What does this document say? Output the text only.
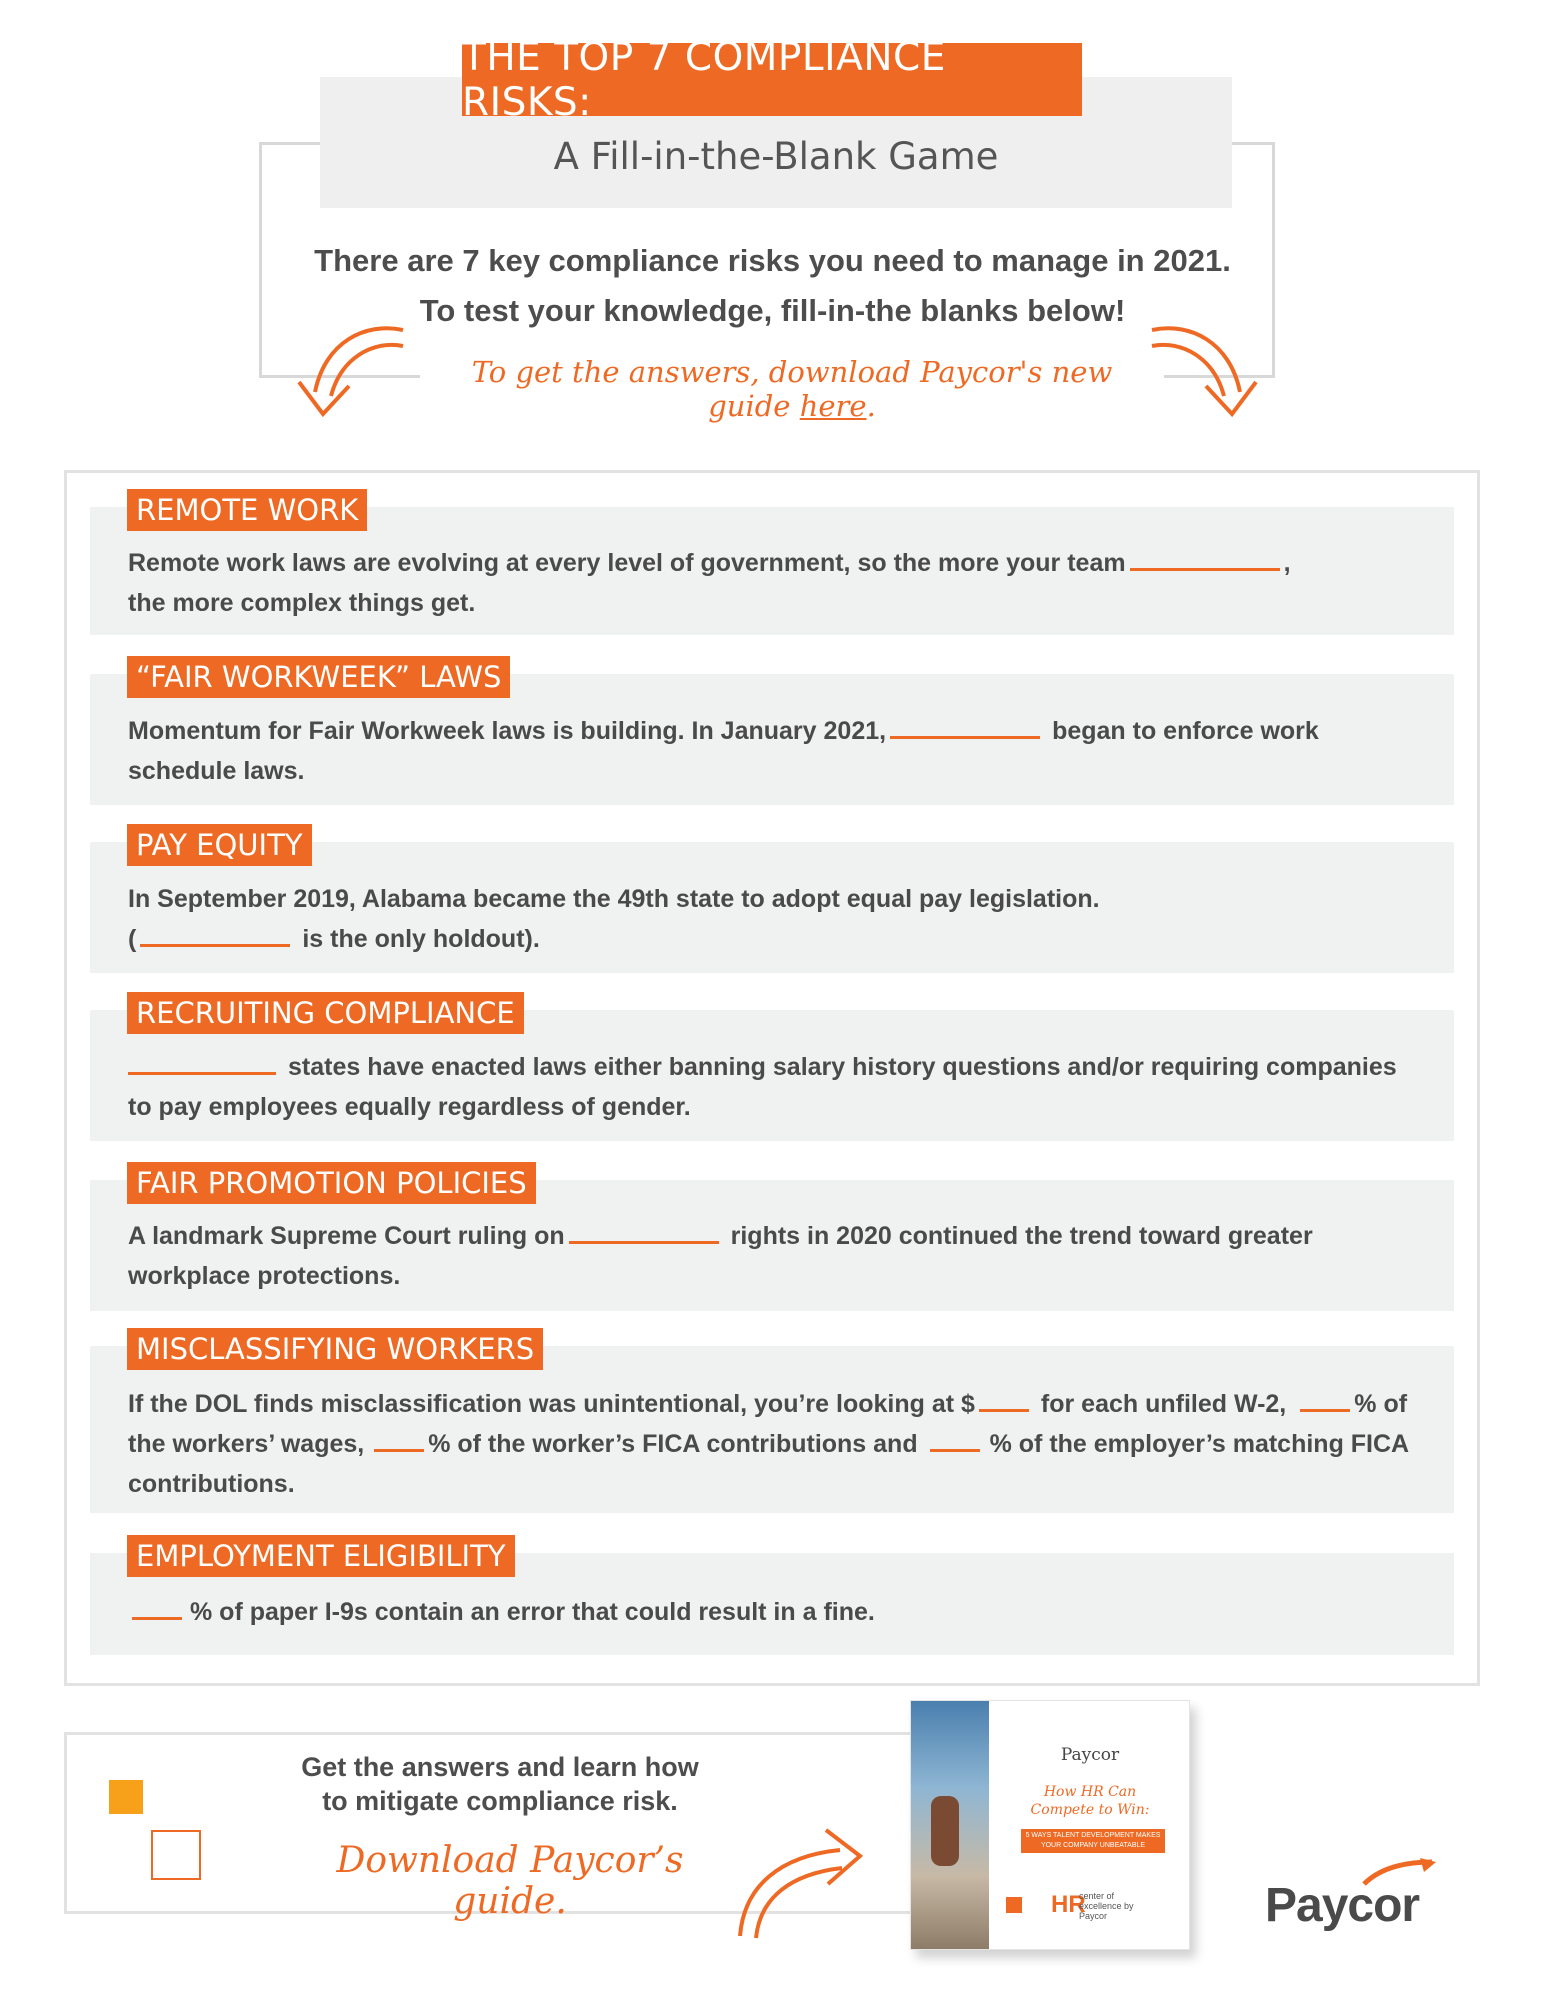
THE TOP 7 COMPLIANCE RISKS:
A Fill-in-the-Blank Game
There are 7 key compliance risks you need to manage in 2021.
To test your knowledge, fill-in-the blanks below!
To get the answers, download Paycor's new guide here.
REMOTE WORK
Remote work laws are evolving at every level of government, so the more your team	,
the more complex things get.
“FAIR WORKWEEK” LAWS
Momentum for Fair Workweek laws is building. In January 2021,	began to enforce work
schedule laws.
PAY EQUITY
In September 2019, Alabama became the 49th state to adopt equal pay legislation.
(	is the only holdout).
RECRUITING COMPLIANCE
states have enacted laws either banning salary history questions and/or requiring companies
to pay employees equally regardless of gender.
FAIR PROMOTION POLICIES
A landmark Supreme Court ruling on	rights in 2020 continued the trend toward greater
workplace protections.
MISCLASSIFYING WORKERS
If the DOL finds misclassification was unintentional, you’re looking at $	for each unfiled W-2,	% of
the workers’ wages,	% of the worker’s FICA contributions and	% of the employer’s matching FICA
contributions.
EMPLOYMENT ELIGIBILITY
% of paper I-9s contain an error that could result in a fine.
Get the answers and learn how
to mitigate compliance risk.
Download Paycor’s guide.
Paycor
How HR Can
Compete to Win:
5 WAYS TALENT DEVELOPMENT MAKES YOUR COMPANY UNBEATABLE
HR
center of excellence by Paycor	Paycor
